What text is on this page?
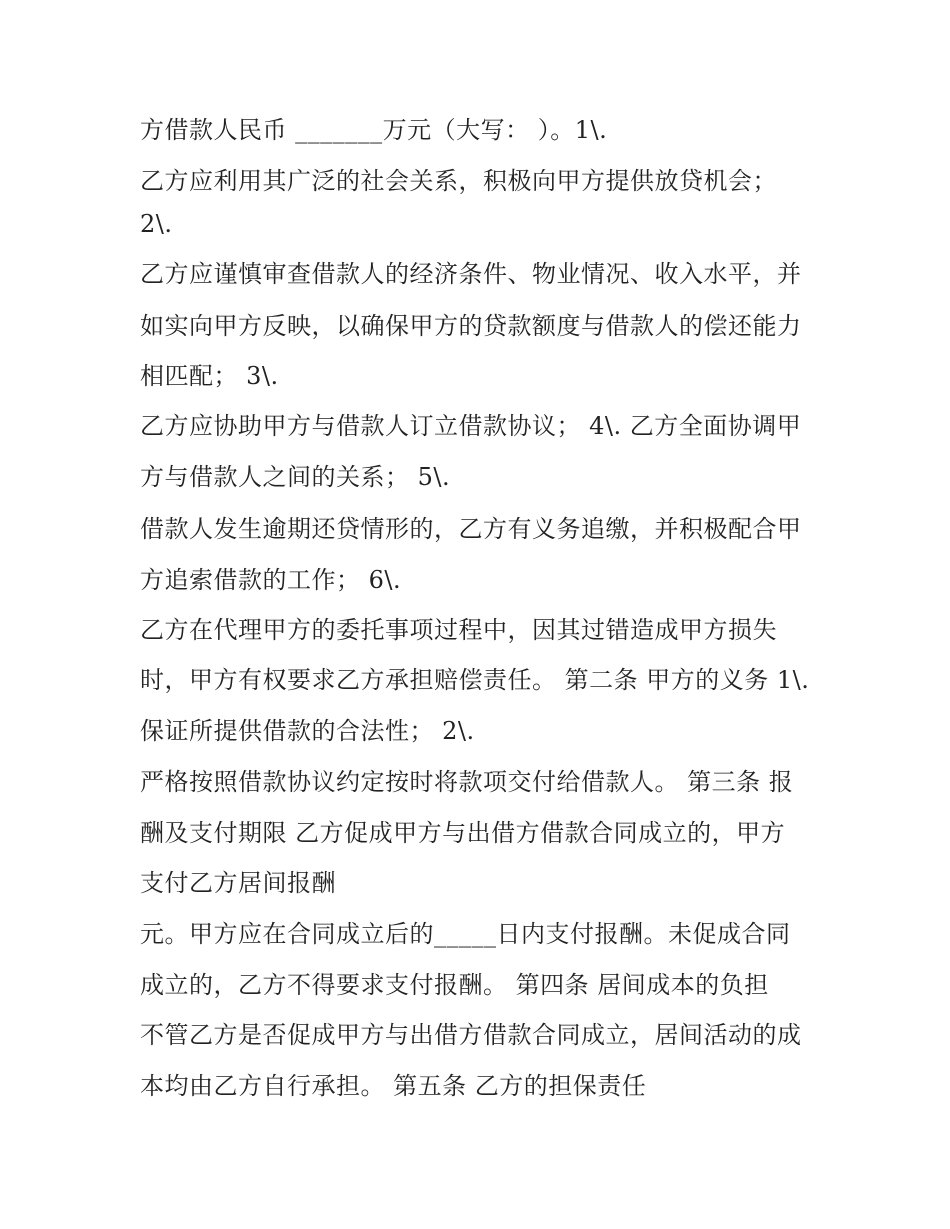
方借款人民币 _______万元（大写： ）。1\.
乙方应利用其广泛的社会关系，积极向甲方提供放贷机会；
2\.
乙方应谨慎审查借款人的经济条件、物业情况、收入水平，并
如实向甲方反映，以确保甲方的贷款额度与借款人的偿还能力
相匹配； 3\.
乙方应协助甲方与借款人订立借款协议； 4\. 乙方全面协调甲
方与借款人之间的关系； 5\.
借款人发生逾期还贷情形的，乙方有义务追缴，并积极配合甲
方追索借款的工作； 6\.
乙方在代理甲方的委托事项过程中，因其过错造成甲方损失
时，甲方有权要求乙方承担赔偿责任。 第二条 甲方的义务 1\.
保证所提供借款的合法性； 2\.
严格按照借款协议约定按时将款项交付给借款人。 第三条 报
酬及支付期限 乙方促成甲方与出借方借款合同成立的，甲方
支付乙方居间报酬
元。甲方应在合同成立后的_____日内支付报酬。未促成合同
成立的，乙方不得要求支付报酬。 第四条 居间成本的负担
不管乙方是否促成甲方与出借方借款合同成立，居间活动的成
本均由乙方自行承担。 第五条 乙方的担保责任
